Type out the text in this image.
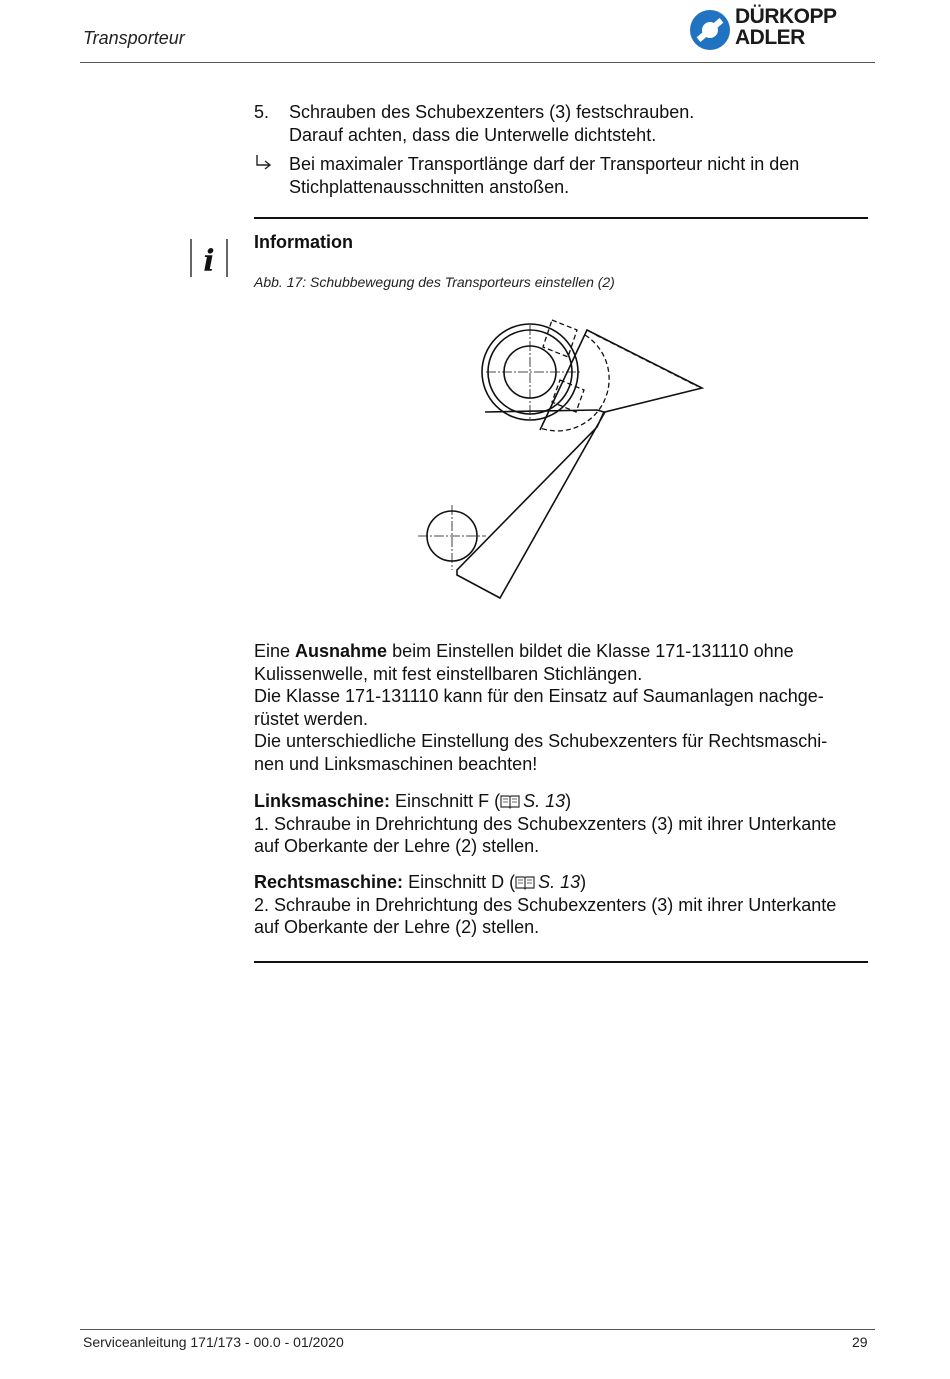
Transporteur
DÜRKOPP
ADLER
5. Schrauben des Schubexzenters (3) festschrauben.
Darauf achten, dass die Unterwelle dichtsteht.
Bei maximaler Transportlänge darf der Transporteur nicht in den
Stichplattenausschnitten anstoßen.
i
Information
Abb. 17: Schubbewegung des Transporteurs einstellen (2)
Eine Ausnahme beim Einstellen bildet die Klasse 171-131110 ohne
Kulissenwelle, mit fest einstellbaren Stichlängen.
Die Klasse 171-131110 kann für den Einsatz auf Saumanlagen nachge-
rüstet werden.
Die unterschiedliche Einstellung des Schubexzenters für Rechtsmaschi-
nen und Linksmaschinen beachten!
Linksmaschine: Einschnitt F ( S. 13)
1. Schraube in Drehrichtung des Schubexzenters (3) mit ihrer Unterkante
auf Oberkante der Lehre (2) stellen.
Rechtsmaschine: Einschnitt D ( S. 13)
2. Schraube in Drehrichtung des Schubexzenters (3) mit ihrer Unterkante
auf Oberkante der Lehre (2) stellen.
Serviceanleitung 171/173 - 00.0 - 01/2020	29
